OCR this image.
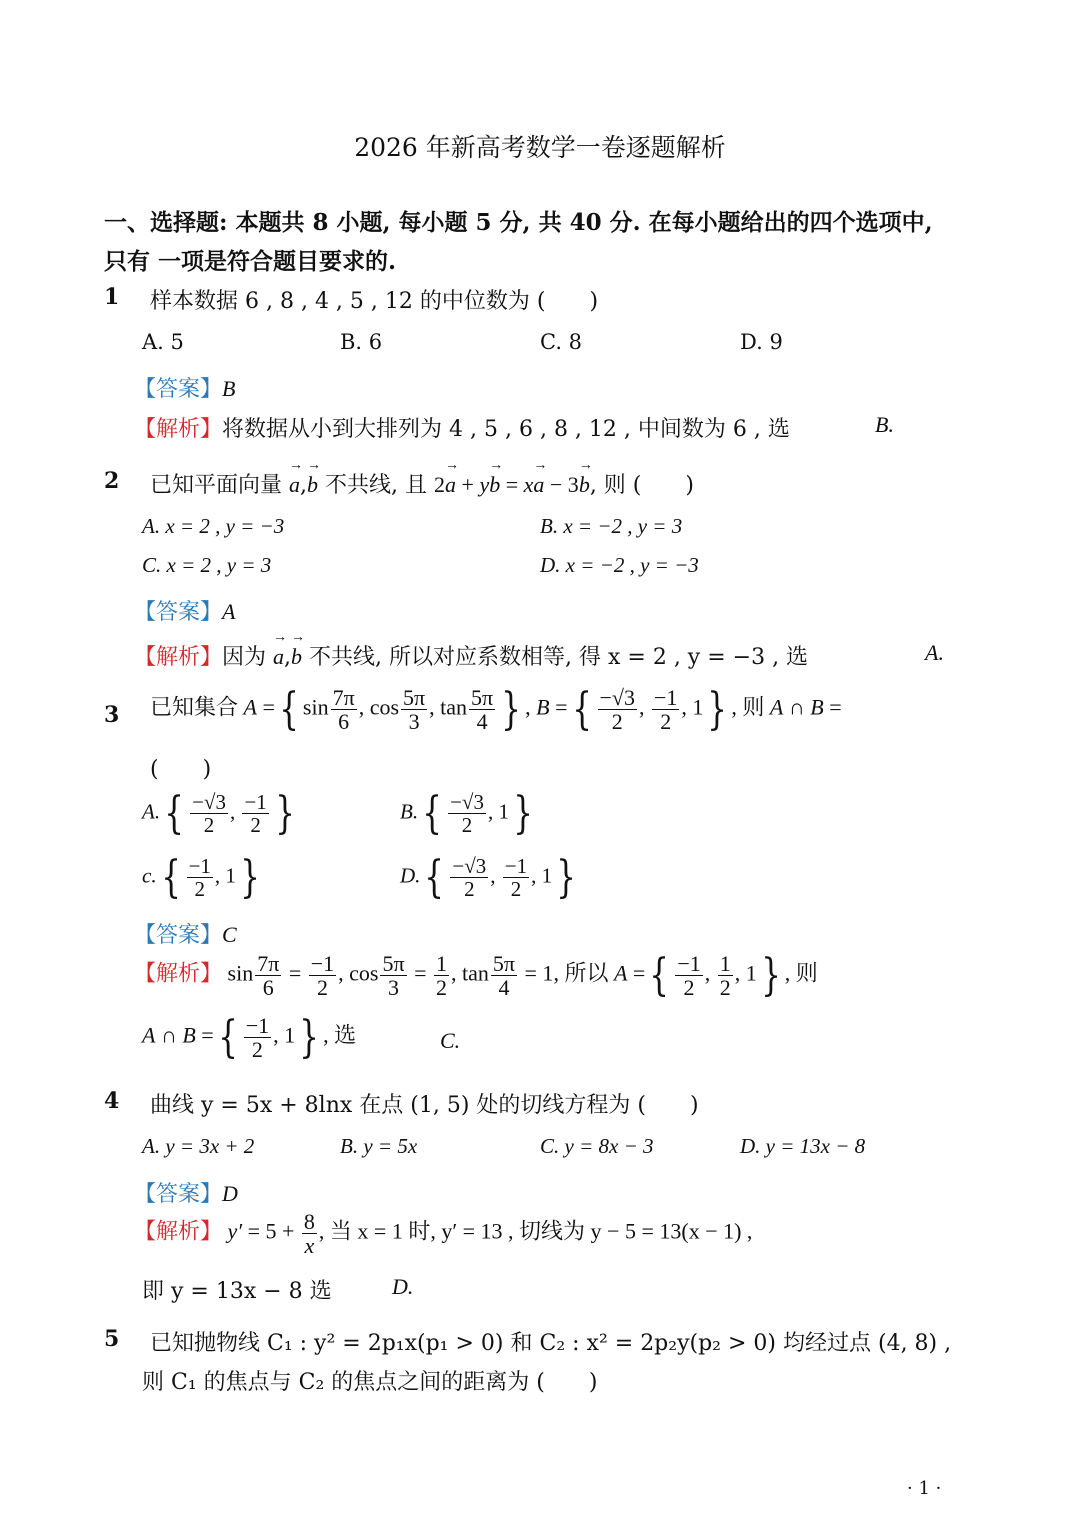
2026 年新高考数学一卷逐题解析
一、选择题: 本题共 8 小题, 每小题 5 分, 共 40 分. 在每小题给出的四个选项中,
只有 一项是符合题目要求的.
1 样本数据 6 , 8 , 4 , 5 , 12 的中位数为 (　　)
A. 5	B. 6	C. 8	D. 9
【答案】B
【解析】将数据从小到大排列为 4 , 5 , 6 , 8 , 12 , 中间数为 6 , 选	B.
2 已知平面向量 a →,b → 不共线, 且 2a → + yb → = xa → − 3b →, 则 (　　)
A. x = 2 , y = −3	B. x = −2 , y = 3
C. x = 2 , y = 3	D. x = −2 , y = −3
【答案】A
【解析】因为 a →,b → 不共线, 所以对应系数相等, 得 x = 2 , y = −3 , 选	A.
3 已知集合 A ={ $\sin \frac{7\pi}{6}$ , $\cos \frac{5\pi}{3}$ , $\tan \frac{5\pi}{4}$ } , B ={ $\frac{-√3}{2}$ , $\frac{-1}{2}$ , 1} , 则 A ∩ B =
(　　)
$A.\{ \frac{-√3}{2}$ , $\frac{-1}{2}$ }	$B.\{ \frac{-√3}{2}$ , 1}
$c.\{ \frac{-1}{2}$ , 1}	$D.\{ \frac{-√3}{2}$ , $\frac{-1}{2}$ , 1}
【答案】C
【解析】 $\sin \frac{7\pi}{6} = \frac{-1}{2}$ , $\cos \frac{5\pi}{3} = \frac{1}{2}$ , $\tan \frac{5\pi}{4} = 1$, 所以 A ={ $\frac{-1}{2}$ , $\frac{1}{2}$ , 1} , 则
A ∩ B ={ $\frac{-1}{2}$ , 1} , 选	C.
4 曲线 y = 5x + 8lnx 在点 (1, 5) 处的切线方程为 (　　)
A. y = 3x + 2	B. y = 5x	C. y = 8x − 3	D. y = 13x − 8
【答案】D
【解析】 $y' = 5 + \frac{8}{x}$ , 当 x = 1 时, y′ = 13 , 切线为 y − 5 = 13(x − 1) ,
即 y = 13x − 8 选	D.
5 已知抛物线 C₁ : y² = 2p₁x(p₁ > 0) 和 C₂ : x² = 2p₂y(p₂ > 0) 均经过点 (4, 8) ,
则 C₁ 的焦点与 C₂ 的焦点之间的距离为 (　　)
· 1 ·
